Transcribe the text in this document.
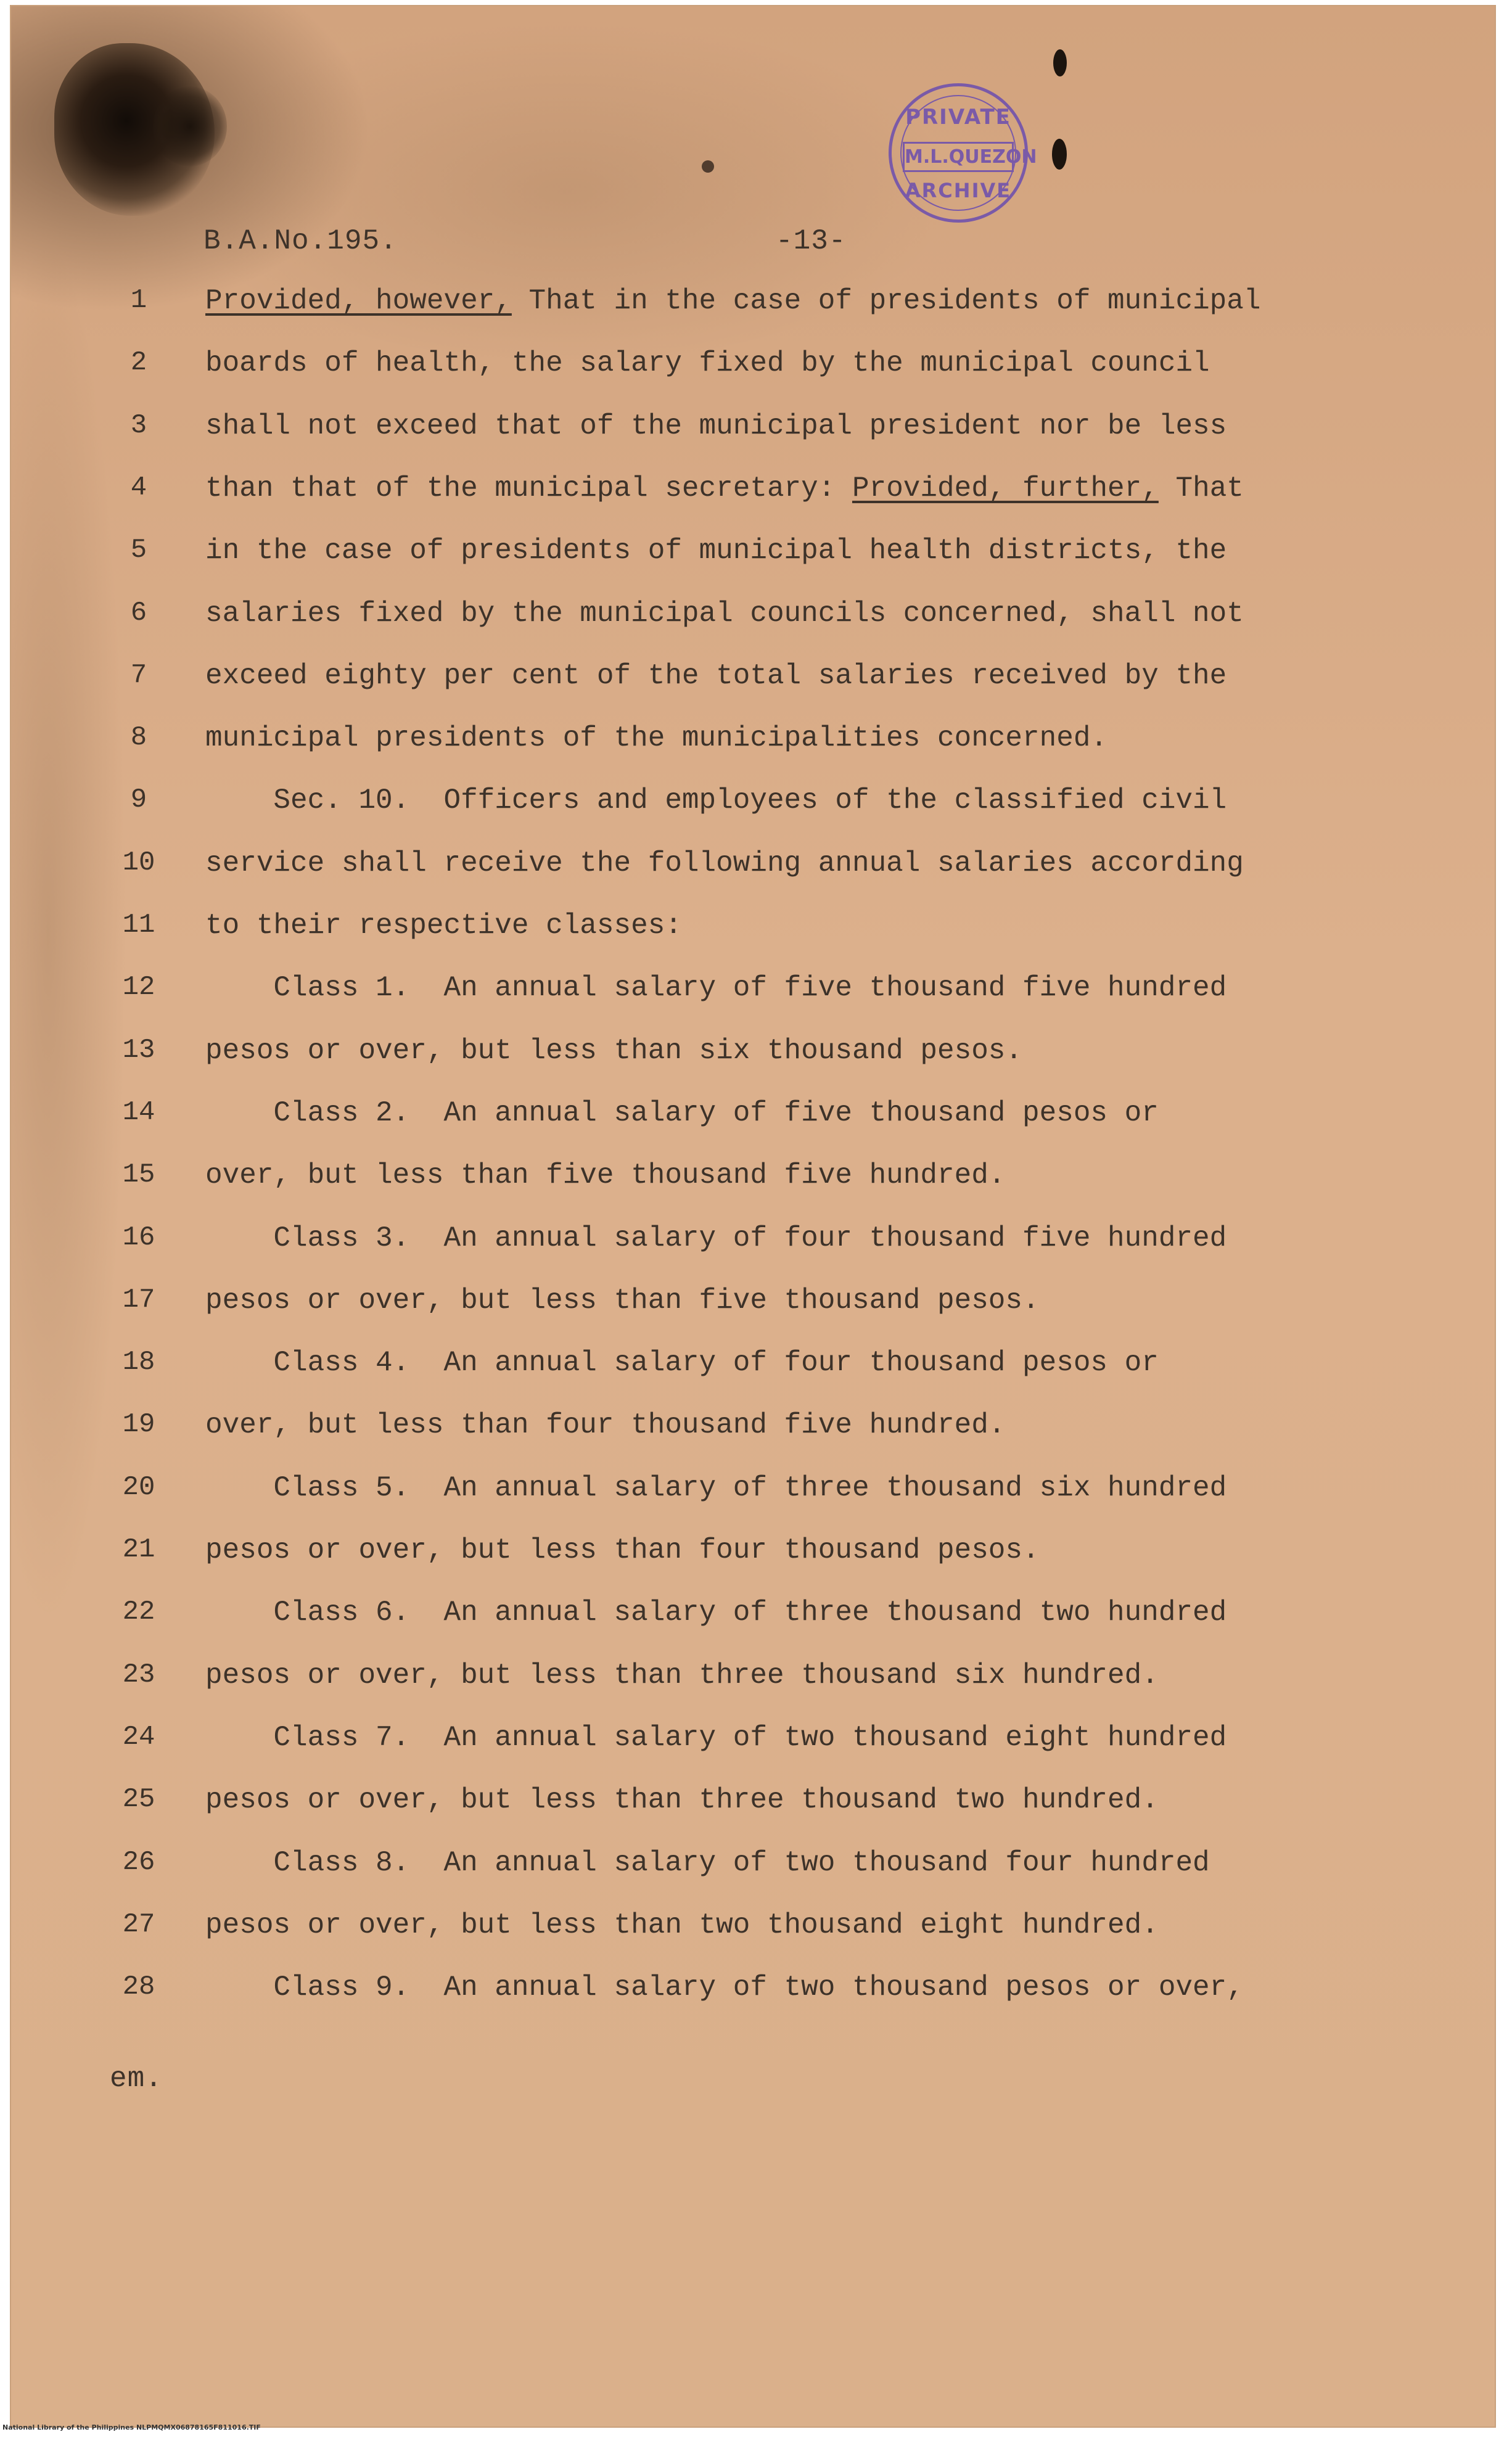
PRIVATE
M.L.QUEZON
ARCHIVE
B.A.No.195.	-13-
1	Provided, however, That in the case of presidents of municipal
2	boards of health, the salary fixed by the municipal council
3	shall not exceed that of the municipal president nor be less
4	than that of the municipal secretary: Provided, further, That
5	in the case of presidents of municipal health districts, the
6	salaries fixed by the municipal councils concerned, shall not
7	exceed eighty per cent of the total salaries received by the
8	municipal presidents of the municipalities concerned.
9	Sec. 10.  Officers and employees of the classified civil
10	service shall receive the following annual salaries according
11	to their respective classes:
12	Class 1.  An annual salary of five thousand five hundred
13	pesos or over, but less than six thousand pesos.
14	Class 2.  An annual salary of five thousand pesos or
15	over, but less than five thousand five hundred.
16	Class 3.  An annual salary of four thousand five hundred
17	pesos or over, but less than five thousand pesos.
18	Class 4.  An annual salary of four thousand pesos or
19	over, but less than four thousand five hundred.
20	Class 5.  An annual salary of three thousand six hundred
21	pesos or over, but less than four thousand pesos.
22	Class 6.  An annual salary of three thousand two hundred
23	pesos or over, but less than three thousand six hundred.
24	Class 7.  An annual salary of two thousand eight hundred
25	pesos or over, but less than three thousand two hundred.
26	Class 8.  An annual salary of two thousand four hundred
27	pesos or over, but less than two thousand eight hundred.
28	Class 9.  An annual salary of two thousand pesos or over,
em.
National Library of the Philippines NLPMQMX06878165F811016.TIF
